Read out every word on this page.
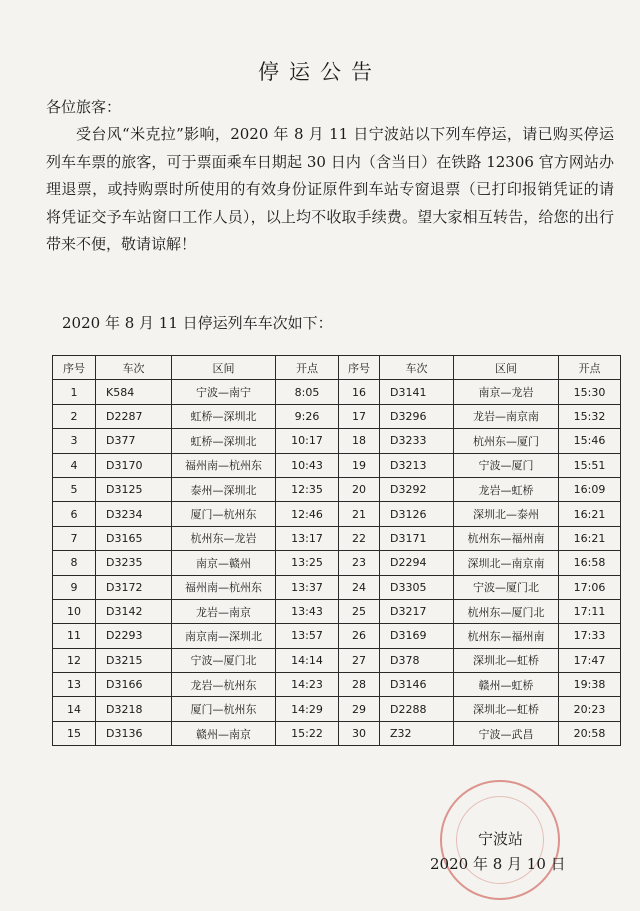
停运公告
各位旅客：

受台风“米克拉”影响，2020 年 8 月 11 日宁波站以下列车停运，请已购买停运列车车票的旅客，可于票面乘车日期起 30 日内（含当日）在铁路 12306 官方网站办理退票，或持购票时所使用的有效身份证原件到车站专窗退票（已打印报销凭证的请将凭证交予车站窗口工作人员），以上均不收取手续费。望大家相互转告，给您的出行带来不便，敬请谅解！

2020 年 8 月 11 日停运列车车次如下：
序号	车次	区间	开点	序号	车次	区间	开点
1	K584	宁波—南宁	8:05	16	D3141	南京—龙岩	15:30
2	D2287	虹桥—深圳北	9:26	17	D3296	龙岩—南京南	15:32
3	D377	虹桥—深圳北	10:17	18	D3233	杭州东—厦门	15:46
4	D3170	福州南—杭州东	10:43	19	D3213	宁波—厦门	15:51
5	D3125	泰州—深圳北	12:35	20	D3292	龙岩—虹桥	16:09
6	D3234	厦门—杭州东	12:46	21	D3126	深圳北—泰州	16:21
7	D3165	杭州东—龙岩	13:17	22	D3171	杭州东—福州南	16:21
8	D3235	南京—赣州	13:25	23	D2294	深圳北—南京南	16:58
9	D3172	福州南—杭州东	13:37	24	D3305	宁波—厦门北	17:06
10	D3142	龙岩—南京	13:43	25	D3217	杭州东—厦门北	17:11
11	D2293	南京南—深圳北	13:57	26	D3169	杭州东—福州南	17:33
12	D3215	宁波—厦门北	14:14	27	D378	深圳北—虹桥	17:47
13	D3166	龙岩—杭州东	14:23	28	D3146	赣州—虹桥	19:38
14	D3218	厦门—杭州东	14:29	29	D2288	深圳北—虹桥	20:23
15	D3136	赣州—南京	15:22	30	Z32	宁波—武昌	20:58
宁波站
2020 年 8 月 10 日
